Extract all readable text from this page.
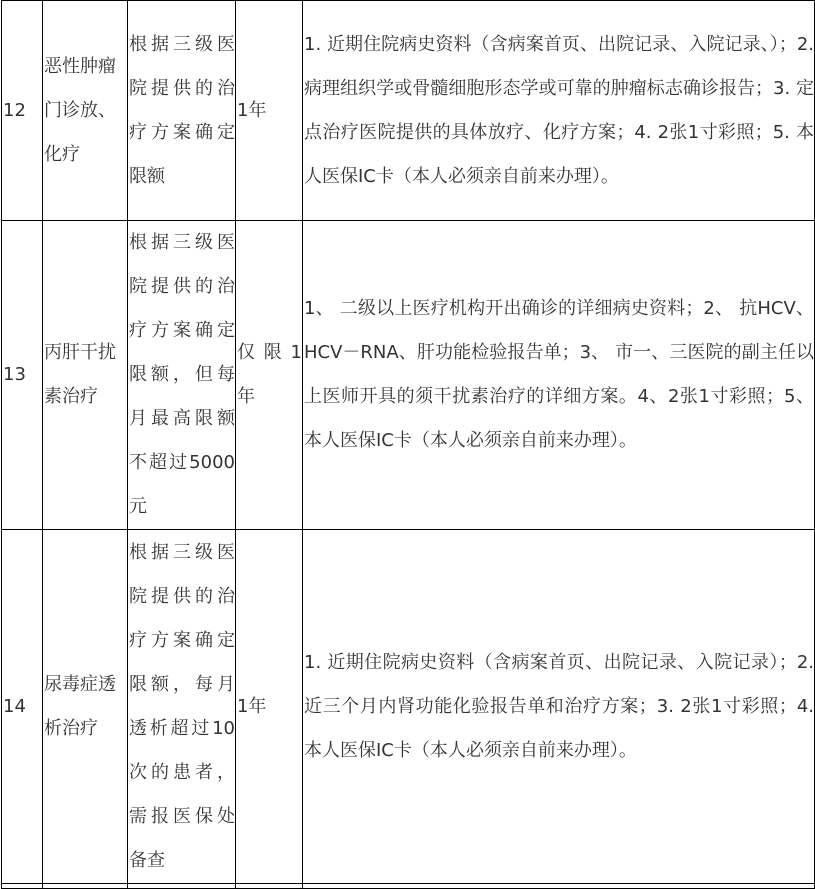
12	恶性肿瘤门诊放、化疗	根据三级医院提供的治疗方案确定限额	1年	1. 近期住院病史资料（含病案首页、出院记录、入院记录、）；2. 病理组织学或骨髓细胞形态学或可靠的肿瘤标志确诊报告；3. 定点治疗医院提供的具体放疗、化疗方案；4. 2张1寸彩照；5. 本人医保IC卡（本人必须亲自前来办理）。
13	丙肝干扰素治疗	根据三级医院提供的治疗方案确定限额，但每月最高限额不超过5000元	仅限1年	1、 二级以上医疗机构开出确诊的详细病史资料；2、 抗HCV、HCV－RNA、肝功能检验报告单；3、 市一、三医院的副主任以上医师开具的须干扰素治疗的详细方案。4、2张1寸彩照；5、本人医保IC卡（本人必须亲自前来办理）。
14	尿毒症透析治疗	根据三级医院提供的治疗方案确定限额，每月透析超过10次的患者，需报医保处备查	1年	1. 近期住院病史资料（含病案首页、出院记录、入院记录）；2. 近三个月内肾功能化验报告单和治疗方案；3. 2张1寸彩照；4. 本人医保IC卡（本人必须亲自前来办理）。
